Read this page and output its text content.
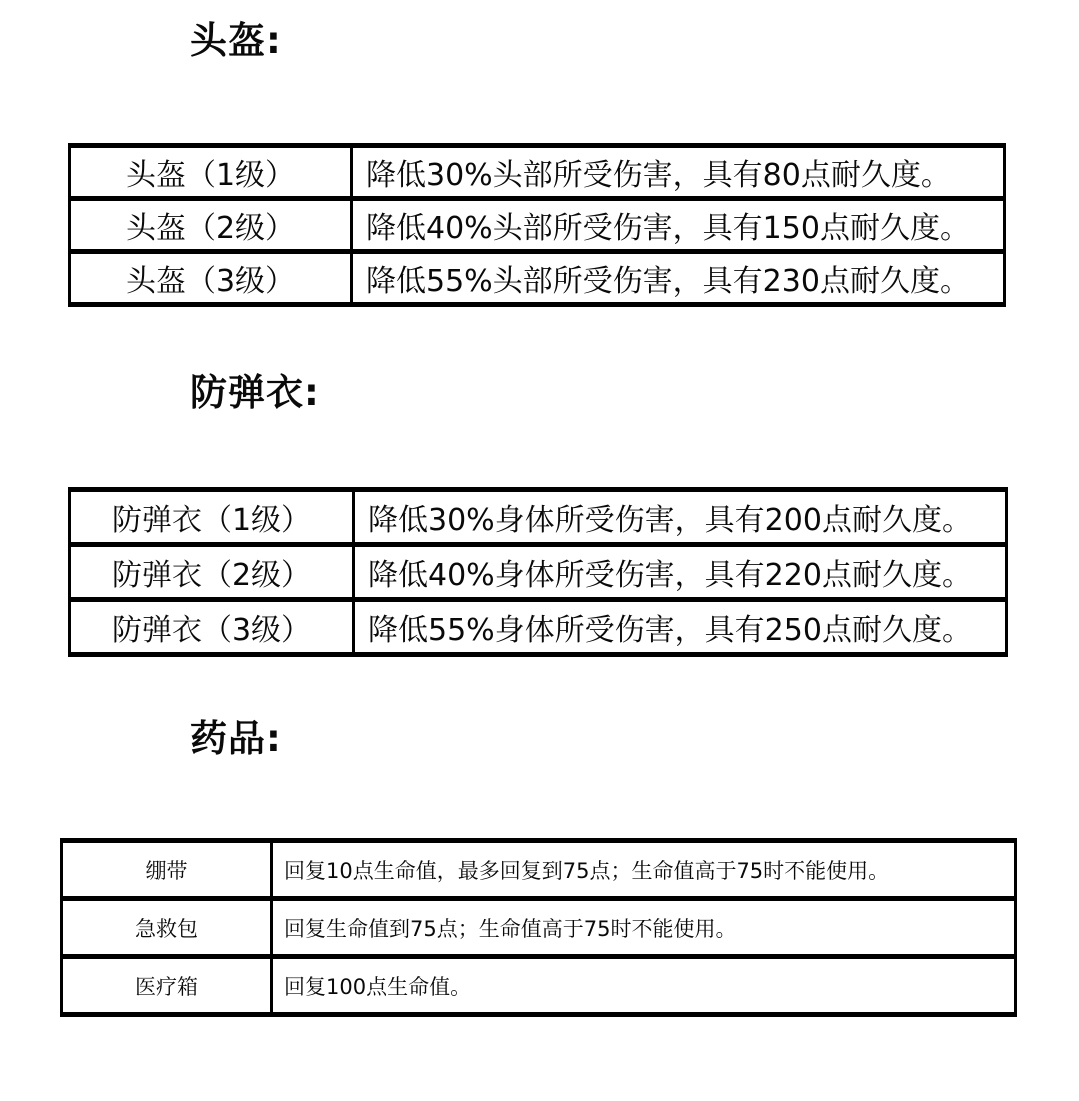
头盔:
头盔（1级）	降低30%头部所受伤害，具有80点耐久度。
头盔（2级）	降低40%头部所受伤害，具有150点耐久度。
头盔（3级）	降低55%头部所受伤害，具有230点耐久度。
防弹衣:
防弹衣（1级）	降低30%身体所受伤害，具有200点耐久度。
防弹衣（2级）	降低40%身体所受伤害，具有220点耐久度。
防弹衣（3级）	降低55%身体所受伤害，具有250点耐久度。
药品:
绷带	回复10点生命值，最多回复到75点；生命值高于75时不能使用。
急救包	回复生命值到75点；生命值高于75时不能使用。
医疗箱	回复100点生命值。
